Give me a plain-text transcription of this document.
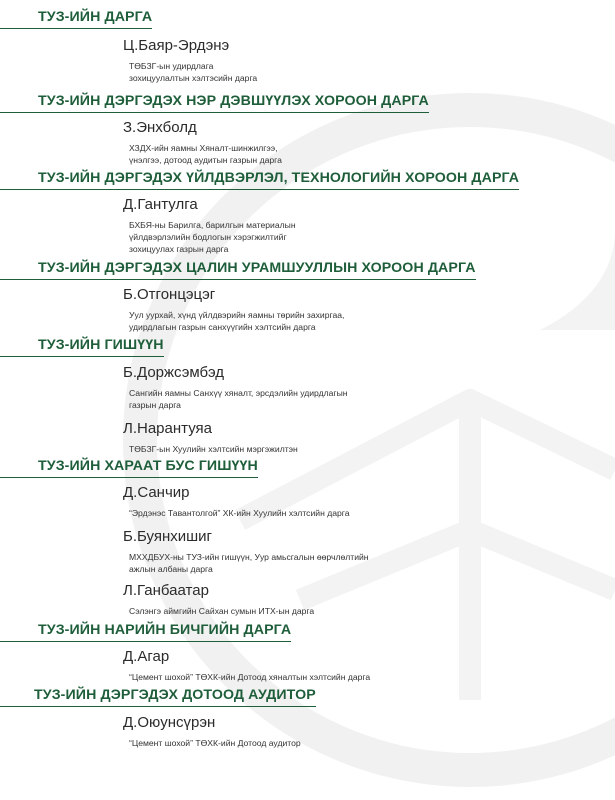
ТУЗ-ИЙН ДАРГА
Ц.Баяр-Эрдэнэ
ТӨБЗГ-ын удирдлага
зохицуулалтын хэлтэсийн дарга
ТУЗ-ИЙН ДЭРГЭДЭХ НЭР ДЭВШҮҮЛЭХ ХОРООН ДАРГА
З.Энхболд
ХЗДХ-ийн яамны Хяналт-шинжилгээ,
үнэлгээ, дотоод аудитын газрын дарга
ТУЗ-ИЙН ДЭРГЭДЭХ ҮЙЛДВЭРЛЭЛ, ТЕХНОЛОГИЙН ХОРООН ДАРГА
Д.Гантулга
БХБЯ-ны Барилга, барилгын материалын
үйлдвэрлэлийн бодлогын хэрэгжилтийг
зохицуулах газрын дарга
ТУЗ-ИЙН ДЭРГЭДЭХ ЦАЛИН УРАМШУУЛЛЫН ХОРООН ДАРГА
Б.Отгонцэцэг
Уул уурхай, хүнд үйлдвэрийн яамны төрийн захиргаа,
удирдлагын газрын санхүүгийн хэлтсийн дарга
ТУЗ-ИЙН ГИШҮҮН
Б.Доржсэмбэд
Сангийн яамны Санхүү хяналт, эрсдэлийн удирдлагын
газрын дарга
Л.Нарантуяа
ТӨБЗГ-ын Хуулийн хэлтсийн мэргэжилтэн
ТУЗ-ИЙН ХАРААТ БУС ГИШҮҮН
Д.Санчир
“Эрдэнэс Тавантолгой” ХК-ийн Хуулийн хэлтсийн дарга
Б.Буянхишиг
МХХДБУХ-ны ТУЗ-ийн гишүүн, Уур амьсгалын өөрчлөлтийн
ажлын албаны дарга
Л.Ганбаатар
Сэлэнгэ аймгийн Сайхан сумын ИТХ-ын дарга
ТУЗ-ИЙН НАРИЙН БИЧГИЙН ДАРГА
Д.Агар
“Цемент шохой” ТӨХК-ийн Дотоод хяналтын хэлтсийн дарга
ТУЗ-ИЙН ДЭРГЭДЭХ ДОТООД АУДИТОР
Д.Оюунсүрэн
“Цемент шохой” ТӨХК-ийн Дотоод аудитор
